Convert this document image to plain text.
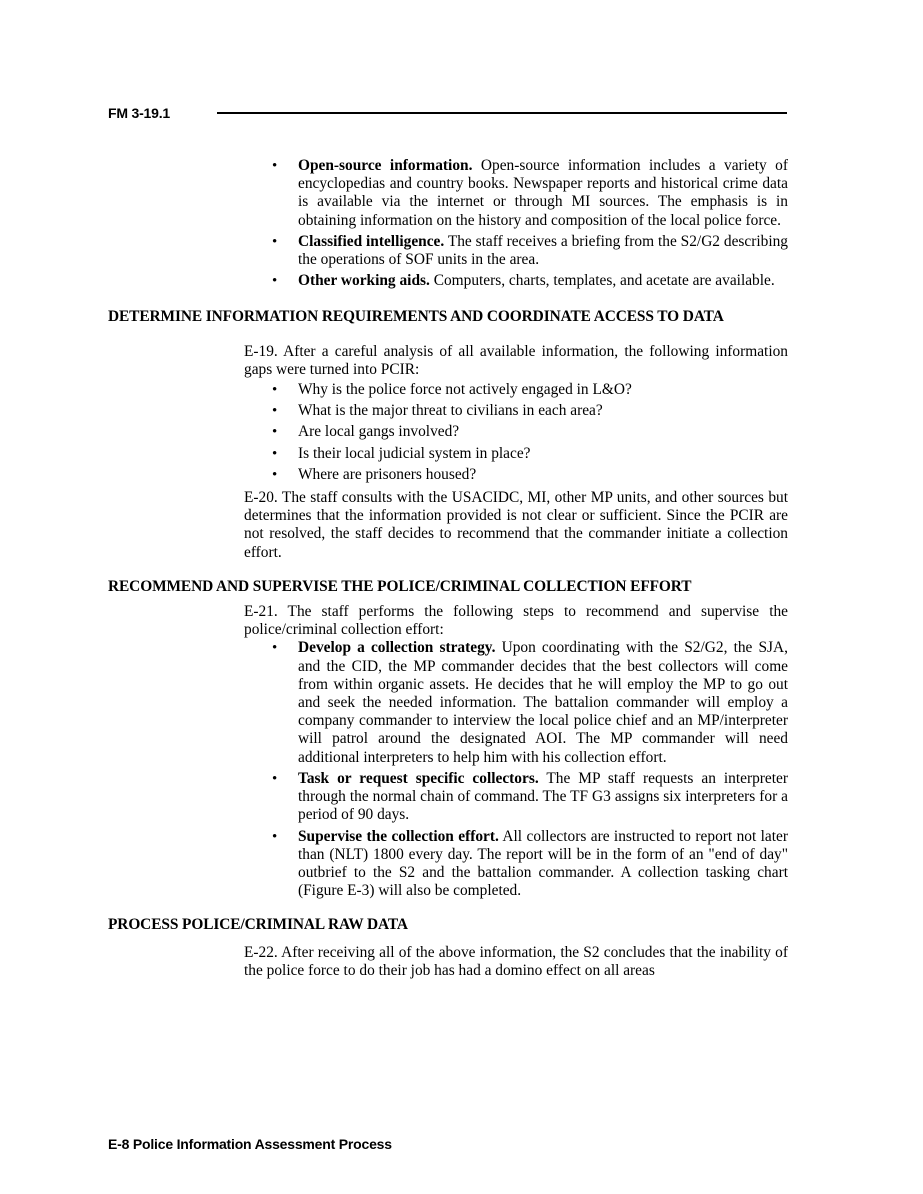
FM 3-19.1
• Open-source information. Open-source information includes a variety of encyclopedias and country books. Newspaper reports and historical crime data is available via the internet or through MI sources. The emphasis is in obtaining information on the history and composition of the local police force.
• Classified intelligence. The staff receives a briefing from the S2/G2 describing the operations of SOF units in the area.
• Other working aids. Computers, charts, templates, and acetate are available.

DETERMINE INFORMATION REQUIREMENTS AND COORDINATE ACCESS TO DATA

E-19. After a careful analysis of all available information, the following information gaps were turned into PCIR:

• Why is the police force not actively engaged in L&O?
• What is the major threat to civilians in each area?
• Are local gangs involved?
• Is their local judicial system in place?
• Where are prisoners housed?

E-20. The staff consults with the USACIDC, MI, other MP units, and other sources but determines that the information provided is not clear or sufficient. Since the PCIR are not resolved, the staff decides to recommend that the commander initiate a collection effort.

RECOMMEND AND SUPERVISE THE POLICE/CRIMINAL COLLECTION EFFORT

E-21. The staff performs the following steps to recommend and supervise the police/criminal collection effort:

• Develop a collection strategy. Upon coordinating with the S2/G2, the SJA, and the CID, the MP commander decides that the best collectors will come from within organic assets. He decides that he will employ the MP to go out and seek the needed information. The battalion commander will employ a company commander to interview the local police chief and an MP/interpreter will patrol around the designated AOI. The MP commander will need additional interpreters to help him with his collection effort.
• Task or request specific collectors. The MP staff requests an interpreter through the normal chain of command. The TF G3 assigns six interpreters for a period of 90 days.
• Supervise the collection effort. All collectors are instructed to report not later than (NLT) 1800 every day. The report will be in the form of an "end of day" outbrief to the S2 and the battalion commander. A collection tasking chart (Figure E-3) will also be completed.

PROCESS POLICE/CRIMINAL RAW DATA

E-22. After receiving all of the above information, the S2 concludes that the inability of the police force to do their job has had a domino effect on all areas

E-8 Police Information Assessment Process
